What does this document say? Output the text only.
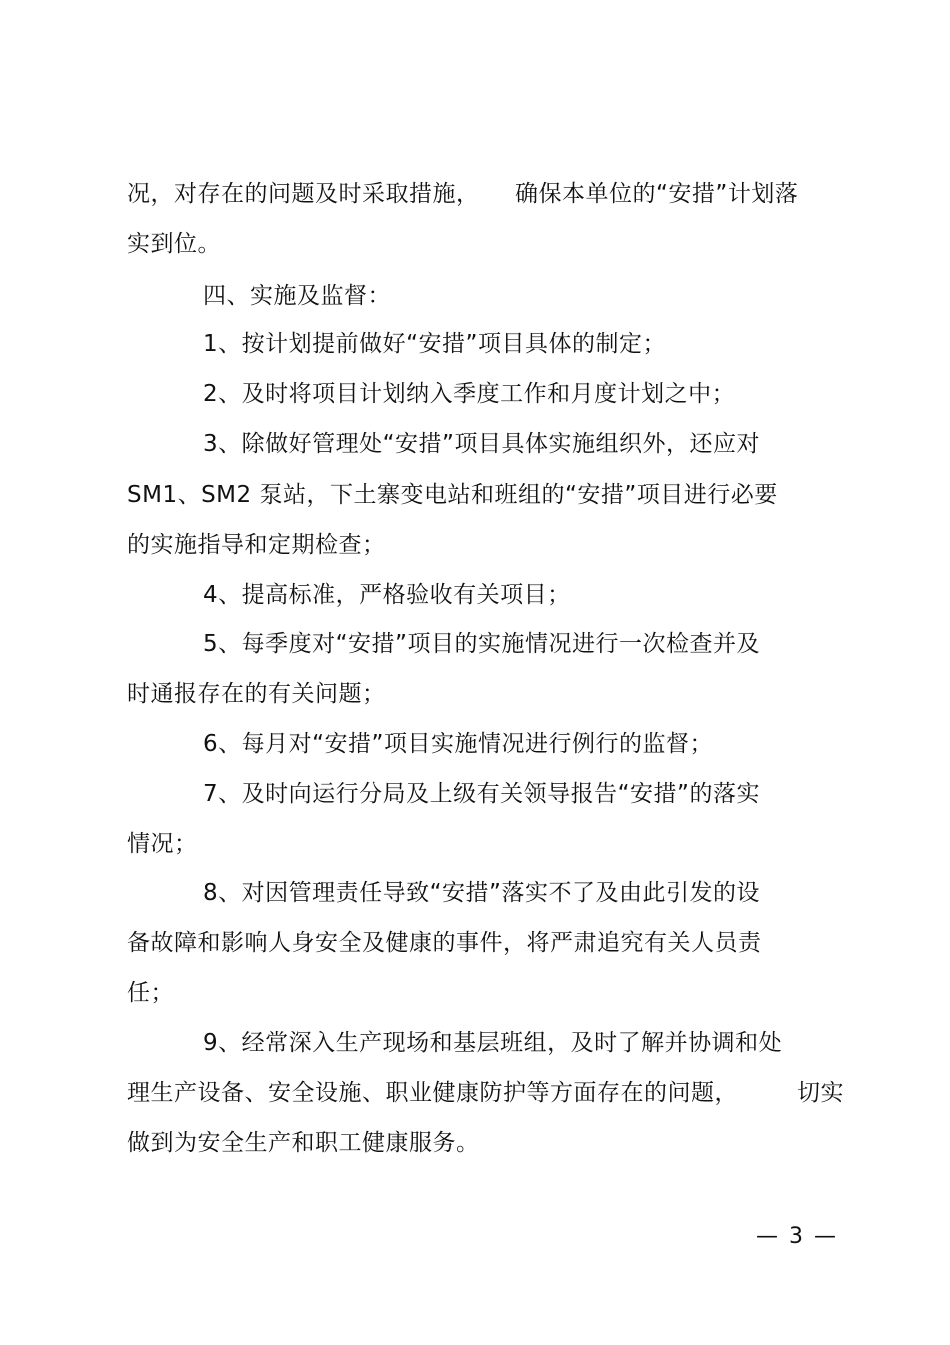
况，对存在的问题及时采取措施，　　确保本单位的“安措”计划落
实到位。
四、实施及监督：
1、按计划提前做好“安措”项目具体的制定；
2、及时将项目计划纳入季度工作和月度计划之中；
3、除做好管理处“安措”项目具体实施组织外，还应对
SM1、SM2 泵站，下土寨变电站和班组的“安措”项目进行必要
的实施指导和定期检查；
4、提高标准，严格验收有关项目；
5、每季度对“安措”项目的实施情况进行一次检查并及
时通报存在的有关问题；
6、每月对“安措”项目实施情况进行例行的监督；
7、及时向运行分局及上级有关领导报告“安措”的落实
情况；
8、对因管理责任导致“安措”落实不了及由此引发的设
备故障和影响人身安全及健康的事件，将严肃追究有关人员责
任；
9、经常深入生产现场和基层班组，及时了解并协调和处
理生产设备、安全设施、职业健康防护等方面存在的问题，　　　切实
做到为安全生产和职工健康服务。
— 3 —
